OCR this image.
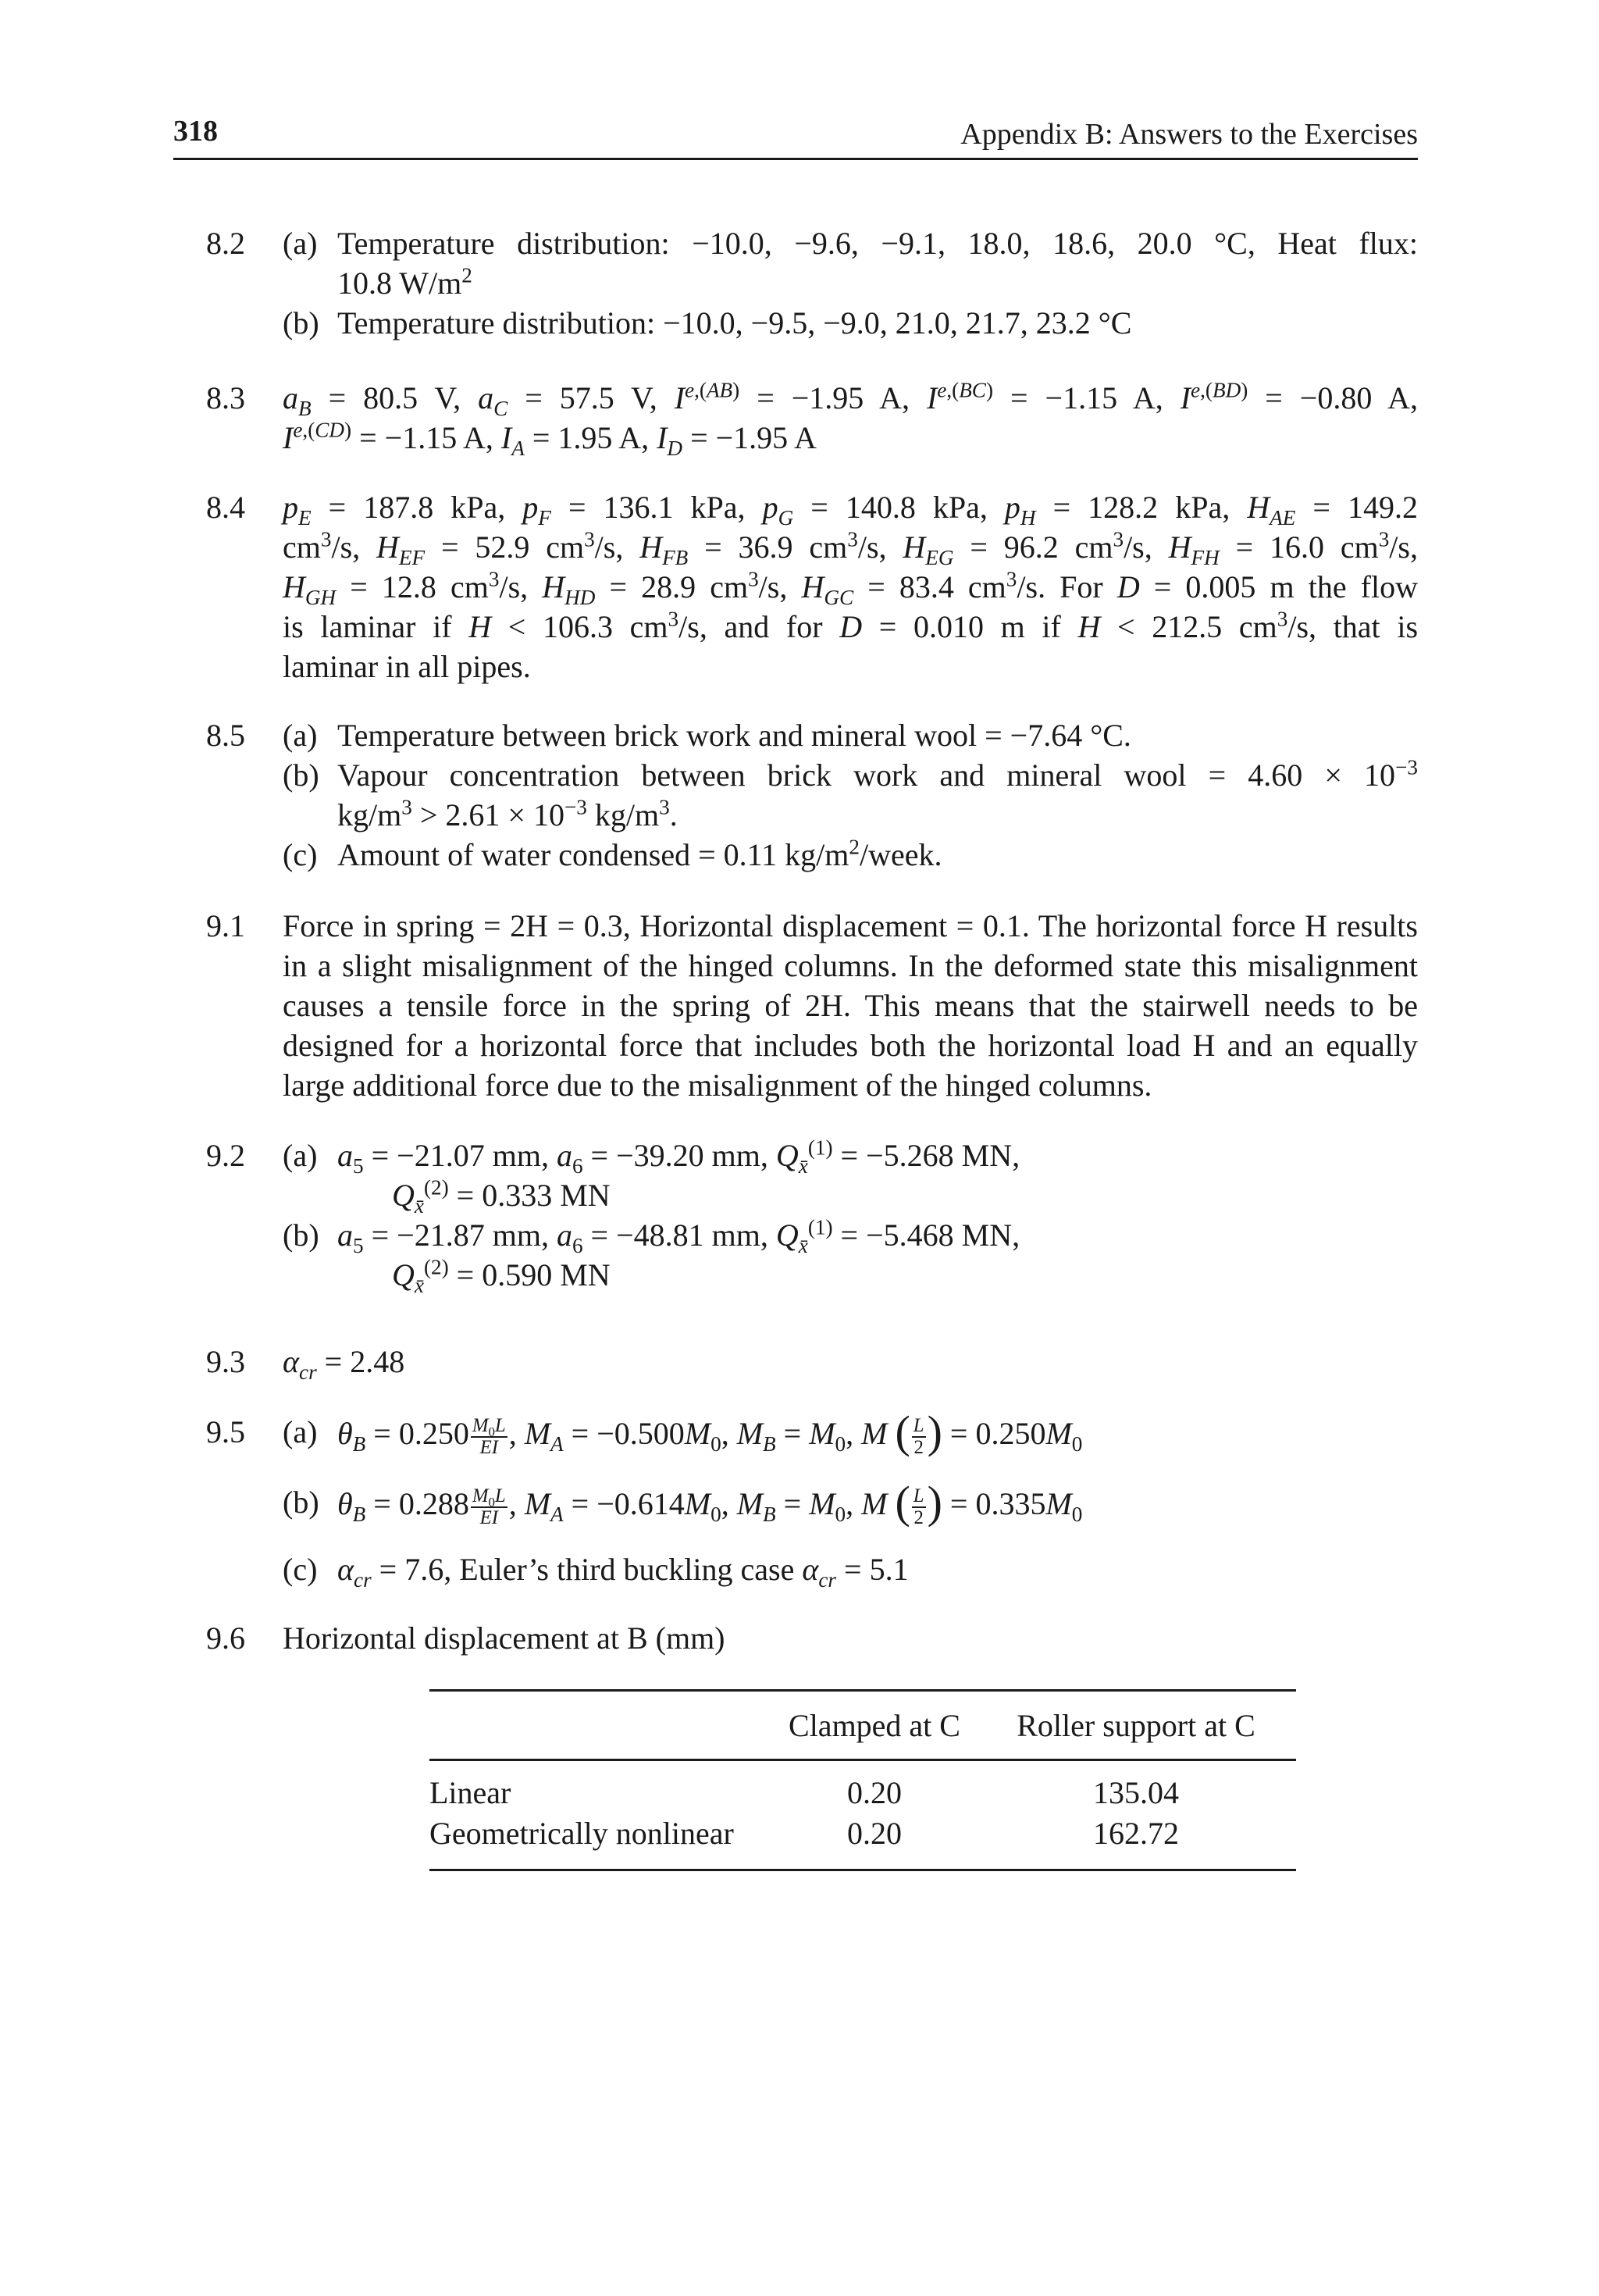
318	Appendix B: Answers to the Exercises
8.2 (a) Temperature distribution: −10.0, −9.6, −9.1, 18.0, 18.6, 20.0 °C, Heat flux:
10.8 $W/m^2$
(b) Temperature distribution: −10.0, −9.5, −9.0, 21.0, 21.7, 23.2 °C
8.3 $a_B = 80.5$ V, $a_C = 57.5$ V, $I^{e,(AB)} = -1.95$ A, $I^{e,(BC)} = -1.15$ A, $I^{e,(BD)} = -0.80$ A,
$I^{e,(CD)} = -1.15$ A, $I_A = 1.95$ A, $I_D = -1.95$ A
8.4 $p_E = 187.8$ kPa, $p_F = 136.1$ kPa, $p_G = 140.8$ kPa, $p_H = 128.2$ kPa, $H_{AE} = 149.2$
$cm^3/s$, $H_{EF} = 52.9$ $cm^3/s$, $H_{FB} = 36.9$ $cm^3/s$, $H_{EG} = 96.2$ $cm^3/s$, $H_{FH} = 16.0$ $cm^3/s$,
$H_{GH} = 12.8$ $cm^3/s$, $H_{HD} = 28.9$ $cm^3/s$, $H_{GC} = 83.4$ $cm^3/s$. For D = 0.005 m the flow
is laminar if H < 106.3 $cm^3/s$, and for D = 0.010 m if H < 212.5 $cm^3/s$, that is
laminar in all pipes.
8.5 (a) Temperature between brick work and mineral wool = −7.64 °C.
(b) Vapour concentration between brick work and mineral wool = $4.60 \times 10^{-3}$
$kg/m^3 > 2.61 \times 10^{-3}$ $kg/m^3$.
(c) Amount of water condensed = 0.11 $kg/m^2$/week.
9.1 Force in spring = 2H = 0.3, Horizontal displacement = 0.1. The horizontal force H results in a slight misalignment of the hinged columns. In the deformed state this misalignment causes a tensile force in the spring of 2H. This means that the stairwell needs to be designed for a horizontal force that includes both the horizontal load H and an equally large additional force due to the misalignment of the hinged columns.
9.2 (a) $a_5 = -21.07$ mm, $a_6 = -39.20$ mm, $Q_{x̄}^{(1)} = -5.268$ MN,
$Q_{x̄}^{(2)} = 0.333$ MN
(b) $a_5 = -21.87$ mm, $a_6 = -48.81$ mm, $Q_{x̄}^{(1)} = -5.468$ MN,
$Q_{x̄}^{(2)} = 0.590$ MN
9.3 $\alpha_{cr} = 2.48$
9.5 (a) $\theta_B = 0.250 \frac{M_0L}{EI}$ , $M_A = -0.500M_0$, $M_B = M_0$, M ( $\frac{L}{2}$ ) = $0.250M_0$
(b) $\theta_B = 0.288 \frac{M_0L}{EI}$ , $M_A = -0.614M_0$, $M_B = M_0$, M ( $\frac{L}{2}$ ) = $0.335M_0$
(c) $\alpha_{cr} = 7.6$, Euler’s third buckling case $\alpha_{cr} = 5.1$
9.6 Horizontal displacement at B (mm)
	Clamped at C	Roller support at C
Linear	0.20	135.04
Geometrically nonlinear	0.20	162.72
